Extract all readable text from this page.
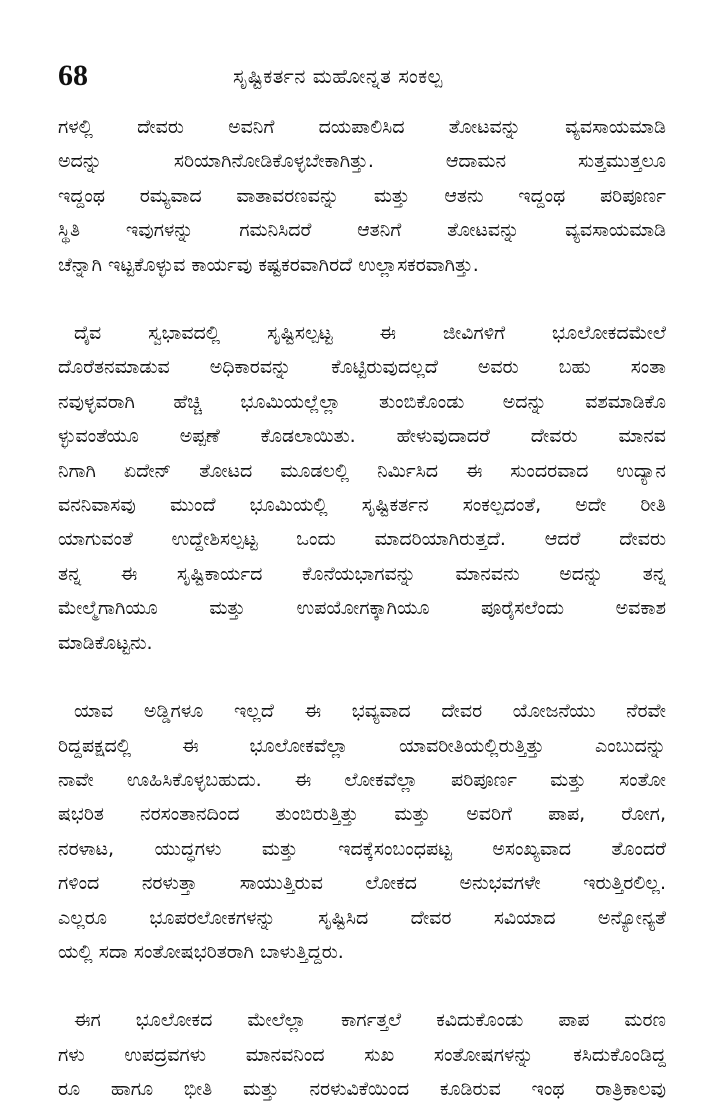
68	ಸೃಷ್ಟಿಕರ್ತನ ಮಹೋನ್ನತ ಸಂಕಲ್ಪ

ಗಳಲ್ಲಿ ದೇವರು ಅವನಿಗೆ ದಯಪಾಲಿಸಿದ ತೋಟವನ್ನು ವ್ಯವಸಾಯಮಾಡಿ
ಅದನ್ನು ಸರಿಯಾಗಿನೋಡಿಕೊಳ್ಳಬೇಕಾಗಿತ್ತು. ಆದಾಮನ ಸುತ್ತಮುತ್ತಲೂ
ಇದ್ದಂಥ ರಮ್ಯವಾದ ವಾತಾವರಣವನ್ನು ಮತ್ತು ಆತನು ಇದ್ದಂಥ ಪರಿಪೂರ್ಣ
ಸ್ಥಿತಿ ಇವುಗಳನ್ನು ಗಮನಿಸಿದರೆ ಆತನಿಗೆ ತೋಟವನ್ನು ವ್ಯವಸಾಯಮಾಡಿ
ಚೆನ್ನಾಗಿ ಇಟ್ಟಕೊಳ್ಳುವ ಕಾರ್ಯವು ಕಷ್ಟಕರವಾಗಿರದೆ ಉಲ್ಲಾಸಕರವಾಗಿತ್ತು.

ದೈವ ಸ್ವಭಾವದಲ್ಲಿ ಸೃಷ್ಟಿಸಲ್ಪಟ್ಟ ಈ ಜೀವಿಗಳಿಗೆ ಭೂಲೋಕದಮೇಲೆ
ದೊರೆತನಮಾಡುವ ಅಧಿಕಾರವನ್ನು ಕೊಟ್ಟಿರುವುದಲ್ಲದೆ ಅವರು ಬಹು ಸಂತಾ
ನವುಳ್ಳವರಾಗಿ ಹೆಚ್ಚಿ ಭೂಮಿಯಲ್ಲೆಲ್ಲಾ ತುಂಬಿಕೊಂಡು ಅದನ್ನು ವಶಮಾಡಿಕೊ
ಳ್ಳುವಂತೆಯೂ ಅಪ್ಪಣೆ ಕೊಡಲಾಯಿತು. ಹೇಳುವುದಾದರೆ ದೇವರು ಮಾನವ
ನಿಗಾಗಿ ಏದೇನ್ ತೋಟದ ಮೂಡಲಲ್ಲಿ ನಿರ್ಮಿಸಿದ ಈ ಸುಂದರವಾದ ಉದ್ಯಾನ
ವನನಿವಾಸವು ಮುಂದೆ ಭೂಮಿಯಲ್ಲಿ ಸೃಷ್ಟಿಕರ್ತನ ಸಂಕಲ್ಪದಂತೆ, ಅದೇ ರೀತಿ
ಯಾಗುವಂತೆ ಉದ್ದೇಶಿಸಲ್ಪಟ್ಟ ಒಂದು ಮಾದರಿಯಾಗಿರುತ್ತದೆ. ಆದರೆ ದೇವರು
ತನ್ನ ಈ ಸೃಷ್ಟಿಕಾರ್ಯದ ಕೊನೆಯಭಾಗವನ್ನು ಮಾನವನು ಅದನ್ನು ತನ್ನ
ಮೇಲ್ಮೆಗಾಗಿಯೂ ಮತ್ತು ಉಪಯೋಗಕ್ಕಾಗಿಯೂ ಪೂರೈಸಲೆಂದು ಅವಕಾಶ
ಮಾಡಿಕೊಟ್ಟನು.

ಯಾವ ಅಡ್ಡಿಗಳೂ ಇಲ್ಲದೆ ಈ ಭವ್ಯವಾದ ದೇವರ ಯೋಜನೆಯು ನೆರವೇ
ರಿದ್ದಪಕ್ಷದಲ್ಲಿ ಈ ಭೂಲೋಕವೆಲ್ಲಾ ಯಾವರೀತಿಯಲ್ಲಿರುತ್ತಿತ್ತು ಎಂಬುದನ್ನು
ನಾವೇ ಊಹಿಸಿಕೊಳ್ಳಬಹುದು. ಈ ಲೋಕವೆಲ್ಲಾ ಪರಿಪೂರ್ಣ ಮತ್ತು ಸಂತೋ
ಷಭರಿತ ನರಸಂತಾನದಿಂದ ತುಂಬಿರುತ್ತಿತ್ತು ಮತ್ತು ಅವರಿಗೆ ಪಾಪ, ರೋಗ,
ನರಳಾಟ, ಯುದ್ಧಗಳು ಮತ್ತು ಇದಕ್ಕೆಸಂಬಂಧಪಟ್ಟ ಅಸಂಖ್ಯವಾದ ತೊಂದರೆ
ಗಳಿಂದ ನರಳುತ್ತಾ ಸಾಯುತ್ತಿರುವ ಲೋಕದ ಅನುಭವಗಳೇ ಇರುತ್ತಿರಲಿಲ್ಲ.
ಎಲ್ಲರೂ ಭೂಪರಲೋಕಗಳನ್ನು ಸೃಷ್ಟಿಸಿದ ದೇವರ ಸವಿಯಾದ ಅನ್ಯೋನ್ಯತೆ
ಯಲ್ಲಿ ಸದಾ ಸಂತೋಷಭರಿತರಾಗಿ ಬಾಳುತ್ತಿದ್ದರು.

ಈಗ ಭೂಲೋಕದ ಮೇಲೆಲ್ಲಾ ಕಾರ್ಗತ್ತಲೆ ಕವಿದುಕೊಂಡು ಪಾಪ ಮರಣ
ಗಳು ಉಪದ್ರವಗಳು ಮಾನವನಿಂದ ಸುಖ ಸಂತೋಷಗಳನ್ನು ಕಸಿದುಕೊಂಡಿದ್ದ
ರೂ ಹಾಗೂ ಭೀತಿ ಮತ್ತು ನರಳುವಿಕೆಯಿಂದ ಕೂಡಿರುವ ಇಂಥ ರಾತ್ರಿಕಾಲವು
